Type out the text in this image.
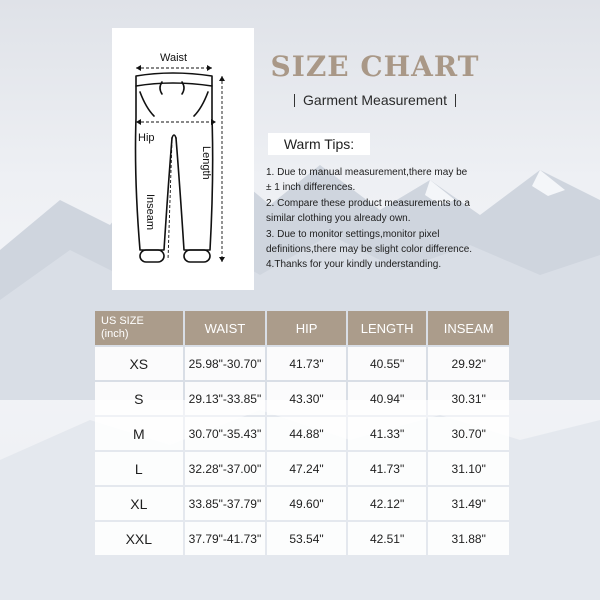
Waist
Hip
Length
Inseam
SIZE CHART
Garment Measurement
Warm Tips:
1. Due to manual measurement,there may be
± 1 inch differences.
2. Compare these product measurements to a
similar clothing you already own.
3. Due to monitor settings,monitor pixel
definitions,there may be slight color difference.
4.Thanks for your kindly understanding.
US SIZE
(inch)	WAIST	HIP	LENGTH	INSEAM
XS	25.98"-30.70"	41.73"	40.55"	29.92"
S	29.13"-33.85"	43.30"	40.94"	30.31"
M	30.70"-35.43"	44.88"	41.33"	30.70"
L	32.28"-37.00"	47.24"	41.73"	31.10"
XL	33.85"-37.79"	49.60"	42.12"	31.49"
XXL	37.79"-41.73"	53.54"	42.51"	31.88"
